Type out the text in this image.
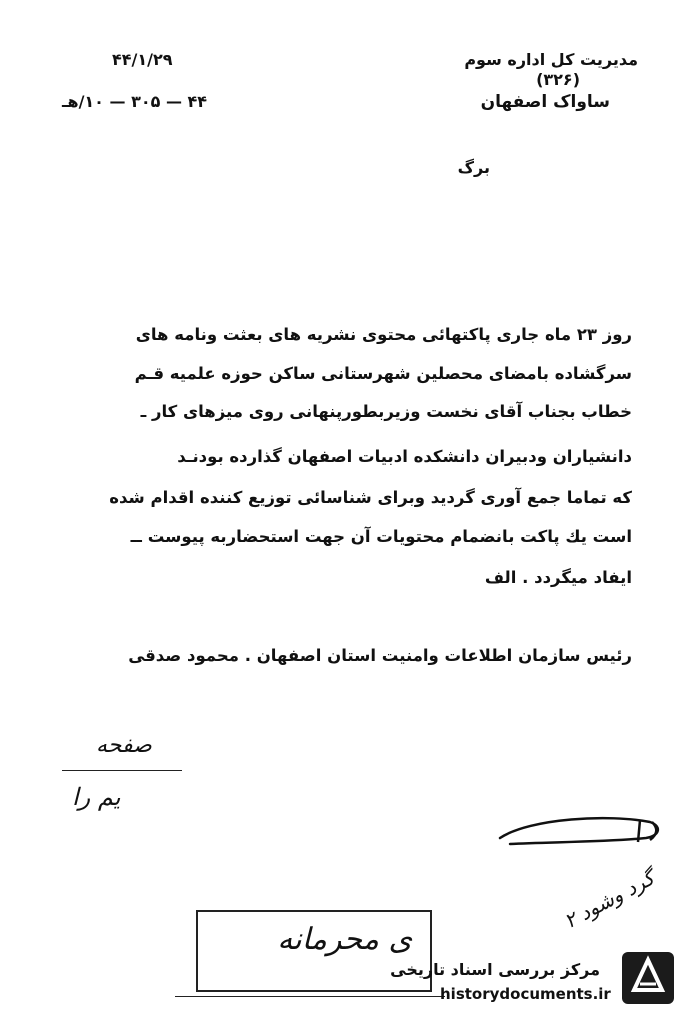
۴۴/۱/۲۹
۴۴ — ۳۰۵ — ۱۰/هـ
مدیریت کل اداره سوم
(۳۲۶)
ساواک اصفهان
برگ
روز ۲۳ ماه جاری پاکتهائی محتوی نشریه های بعثت ونامه های
سرگشاده بامضای محصلین شهرستانی ساکن حوزه علمیه قـم
خطاب بجناب آقای نخست وزیربطورپنهانی روی میزهای کار ـ
دانشیاران ودبیران دانشکده ادبیات اصفهان گذارده بودنـد
که تماما جمع آوری گردید وبرای شناسائی توزیع کننده اقدام شده
است یك پاکت بانضمام محتویات آن جهت استحضاربه پیوست ــ
ایفاد میگردد . الف
رئیس سازمان اطلاعات وامنیت استان اصفهان . محمود صدقی
صفحه
یم را
ی محرمانه
گرد وشود ۲
مرکز بررسی اسناد تاریخی
historydocuments.ir
